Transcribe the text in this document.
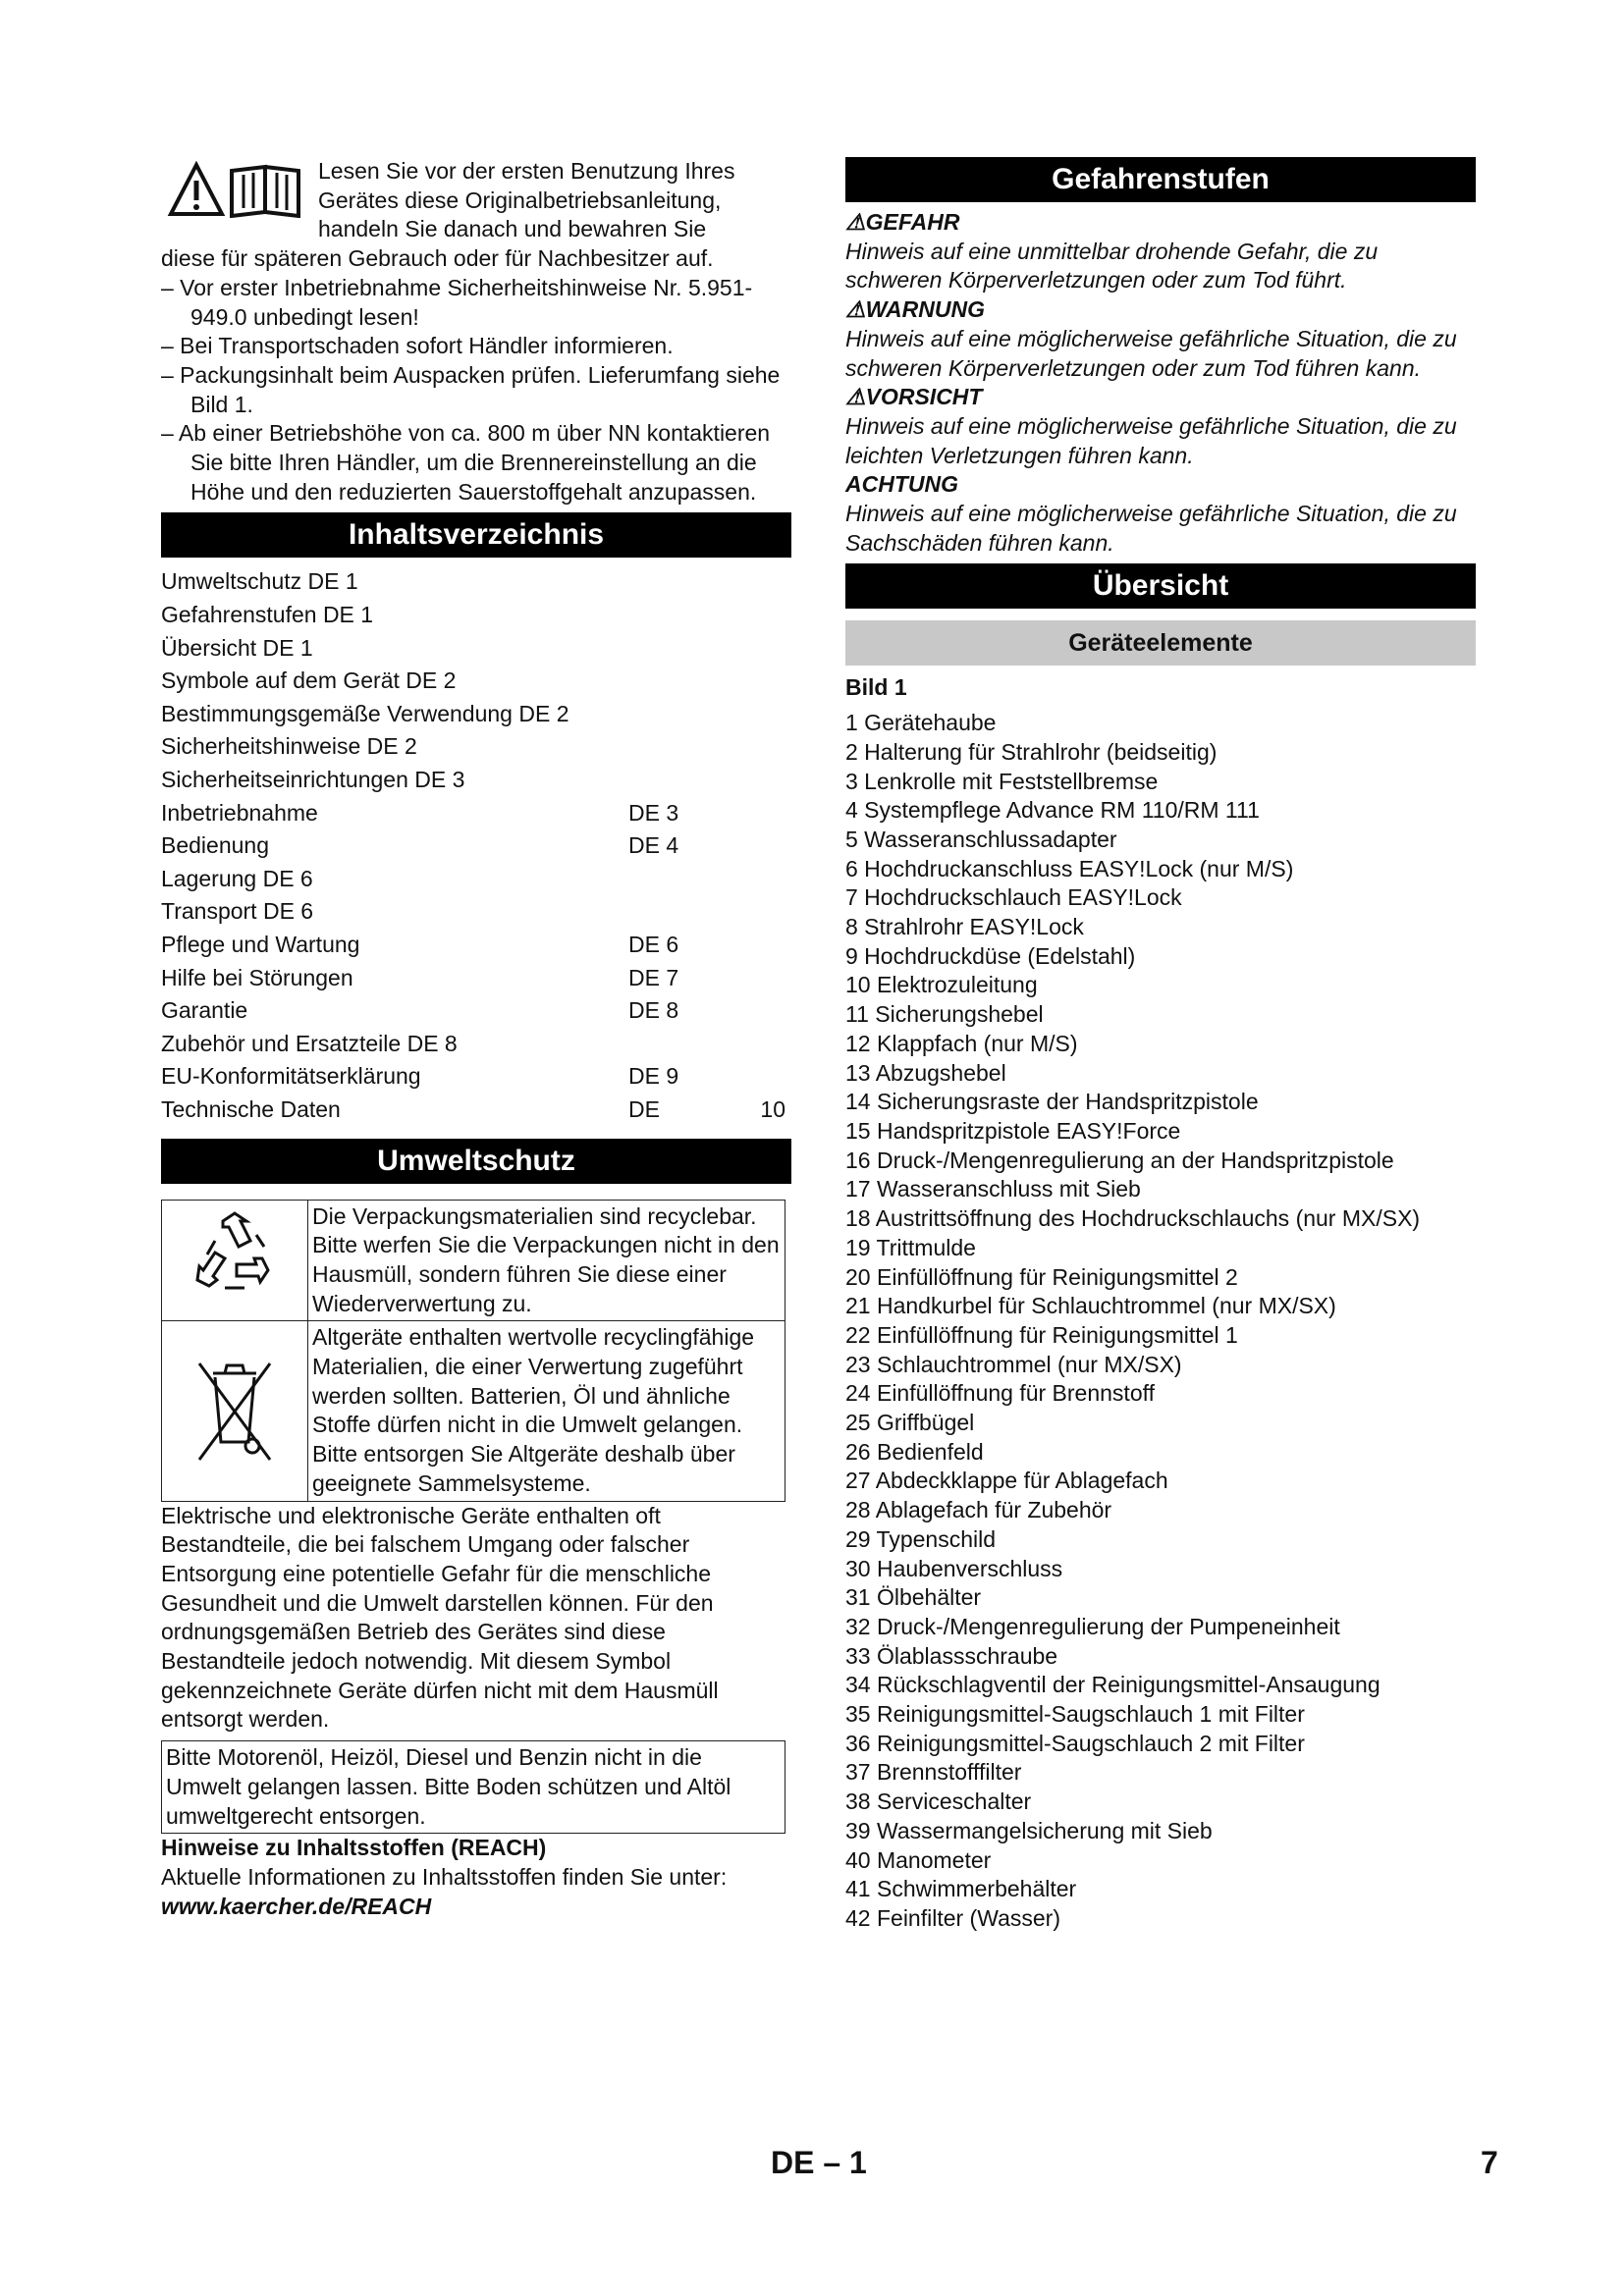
Lesen Sie vor der ersten Benutzung Ihres

Gerätes diese Originalbetriebsanleitung,

handeln Sie danach und bewahren Sie

diese für späteren Gebrauch oder für Nachbesitzer auf.

– Vor erster Inbetriebnahme Sicherheitshinweise Nr. 5.951-949.0 unbedingt lesen!

– Bei Transportschaden sofort Händler informieren.

– Packungsinhalt beim Auspacken prüfen. Lieferumfang siehe Bild 1.

– Ab einer Betriebshöhe von ca. 800 m über NN kontaktieren Sie bitte Ihren Händler, um die Brennereinstellung an die Höhe und den reduzierten Sauerstoffgehalt anzupassen.

Inhaltsverzeichnis
Umweltschutz DE 1
Gefahrenstufen DE 1
Übersicht DE 1
Symbole auf dem Gerät DE 2
Bestimmungsgemäße Verwendung DE 2
Sicherheitshinweise DE 2
Sicherheitseinrichtungen DE 3
Inbetriebnahme	DE 3
Bedienung	DE 4
Lagerung DE 6
Transport DE 6
Pflege und Wartung	DE 6
Hilfe bei Störungen	DE 7
Garantie	DE 8
Zubehör und Ersatzteile DE 8
EU-Konformitätserklärung	DE 9
Technische Daten	DE	10
Umweltschutz
	Die Verpackungsmaterialien sind recyclebar. Bitte werfen Sie die Verpackungen nicht in den Hausmüll, sondern führen Sie diese einer Wiederverwertung zu.
	Altgeräte enthalten wertvolle recyclingfähige Materialien, die einer Verwertung zugeführt werden sollten. Batterien, Öl und ähnliche Stoffe dürfen nicht in die Umwelt gelangen. Bitte entsorgen Sie Altgeräte deshalb über geeignete Sammelsysteme.

Elektrische und elektronische Geräte enthalten oft Bestandteile, die bei falschem Umgang oder falscher Entsorgung eine potentielle Gefahr für die menschliche Gesundheit und die Umwelt darstellen können. Für den ordnungsgemäßen Betrieb des Gerätes sind diese Bestandteile jedoch notwendig. Mit diesem Symbol gekennzeichnete Geräte dürfen nicht mit dem Hausmüll entsorgt werden.

Bitte Motorenöl, Heizöl, Diesel und Benzin nicht in die Umwelt gelangen lassen. Bitte Boden schützen und Altöl umweltgerecht entsorgen.

Hinweise zu Inhaltsstoffen (REACH)

Aktuelle Informationen zu Inhaltsstoffen finden Sie unter:

www.kaercher.de/REACH

Gefahrenstufen

⚠GEFAHR

Hinweis auf eine unmittelbar drohende Gefahr, die zu schweren Körperverletzungen oder zum Tod führt.

⚠WARNUNG

Hinweis auf eine möglicherweise gefährliche Situation, die zu schweren Körperverletzungen oder zum Tod führen kann.

⚠VORSICHT

Hinweis auf eine möglicherweise gefährliche Situation, die zu leichten Verletzungen führen kann.

ACHTUNG

Hinweis auf eine möglicherweise gefährliche Situation, die zu Sachschäden führen kann.

Übersicht
Geräteelemente

Bild 1

1 Gerätehaube

2 Halterung für Strahlrohr (beidseitig)

3 Lenkrolle mit Feststellbremse

4 Systempflege Advance RM 110/RM 111

5 Wasseranschlussadapter

6 Hochdruckanschluss EASY!Lock (nur M/S)

7 Hochdruckschlauch EASY!Lock

8 Strahlrohr EASY!Lock

9 Hochdruckdüse (Edelstahl)

10 Elektrozuleitung

11 Sicherungshebel

12 Klappfach (nur M/S)

13 Abzugshebel

14 Sicherungsraste der Handspritzpistole

15 Handspritzpistole EASY!Force

16 Druck-/Mengenregulierung an der Handspritzpistole

17 Wasseranschluss mit Sieb

18 Austrittsöffnung des Hochdruckschlauchs (nur MX/SX)

19 Trittmulde

20 Einfüllöffnung für Reinigungsmittel 2

21 Handkurbel für Schlauchtrommel (nur MX/SX)

22 Einfüllöffnung für Reinigungsmittel 1

23 Schlauchtrommel (nur MX/SX)

24 Einfüllöffnung für Brennstoff

25 Griffbügel

26 Bedienfeld

27 Abdeckklappe für Ablagefach

28 Ablagefach für Zubehör

29 Typenschild

30 Haubenverschluss

31 Ölbehälter

32 Druck-/Mengenregulierung der Pumpeneinheit

33 Ölablassschraube

34 Rückschlagventil der Reinigungsmittel-Ansaugung

35 Reinigungsmittel-Saugschlauch 1 mit Filter

36 Reinigungsmittel-Saugschlauch 2 mit Filter

37 Brennstofffilter

38 Serviceschalter

39 Wassermangelsicherung mit Sieb

40 Manometer

41 Schwimmerbehälter

42 Feinfilter (Wasser)

DE – 1	7
